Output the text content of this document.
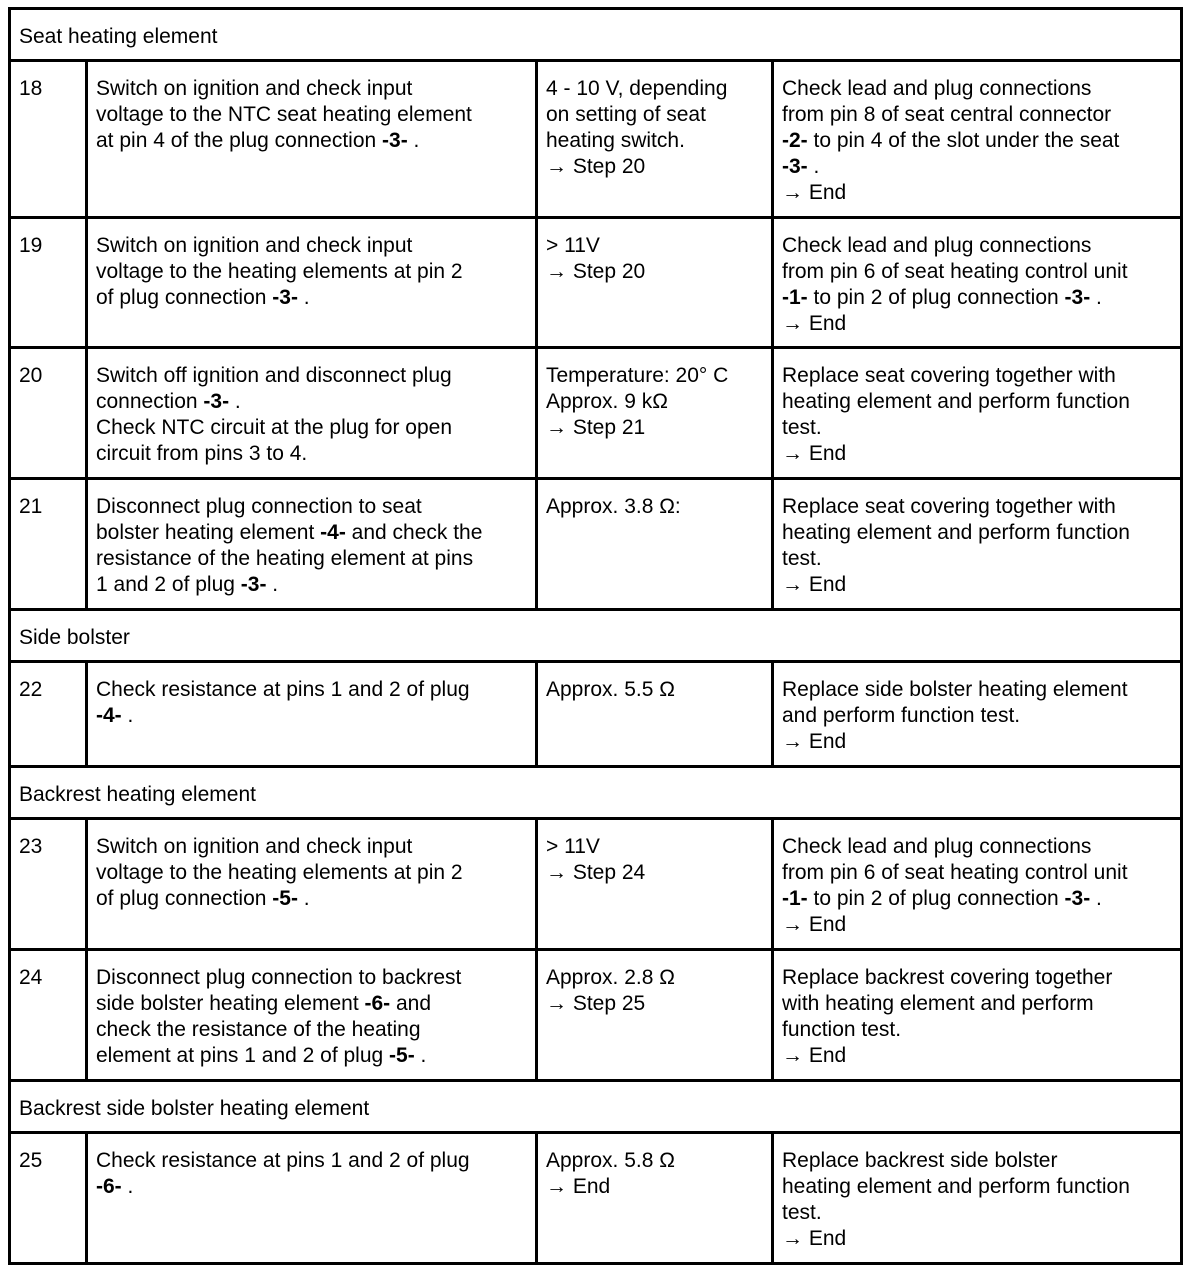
Seat heating element			
18	Switch on ignition and check input
voltage to the NTC seat heating element
at pin 4 of the plug connection -3- .	4 - 10 V, depending
on setting of seat
heating switch.
→ Step 20	Check lead and plug connections
from pin 8 of seat central connector
-2- to pin 4 of the slot under the seat
-3- .
→ End
19	Switch on ignition and check input
voltage to the heating elements at pin 2
of plug connection -3- .	> 11V
→ Step 20	Check lead and plug connections
from pin 6 of seat heating control unit
-1- to pin 2 of plug connection -3- .
→ End
20	Switch off ignition and disconnect plug
connection -3- .
Check NTC circuit at the plug for open
circuit from pins 3 to 4.	Temperature: 20° C
Approx. 9 kΩ
→ Step 21	Replace seat covering together with
heating element and perform function
test.
→ End
21	Disconnect plug connection to seat
bolster heating element -4- and check the
resistance of the heating element at pins
1 and 2 of plug -3- .	Approx. 3.8 Ω:	Replace seat covering together with
heating element and perform function
test.
→ End
Side bolster			
22	Check resistance at pins 1 and 2 of plug
-4- .	Approx. 5.5 Ω	Replace side bolster heating element
and perform function test.
→ End
Backrest heating element			
23	Switch on ignition and check input
voltage to the heating elements at pin 2
of plug connection -5- .	> 11V
→ Step 24	Check lead and plug connections
from pin 6 of seat heating control unit
-1- to pin 2 of plug connection -3- .
→ End
24	Disconnect plug connection to backrest
side bolster heating element -6- and
check the resistance of the heating
element at pins 1 and 2 of plug -5- .	Approx. 2.8 Ω
→ Step 25	Replace backrest covering together
with heating element and perform
function test.
→ End
Backrest side bolster heating element			
25	Check resistance at pins 1 and 2 of plug
-6- .	Approx. 5.8 Ω
→ End	Replace backrest side bolster
heating element and perform function
test.
→ End
